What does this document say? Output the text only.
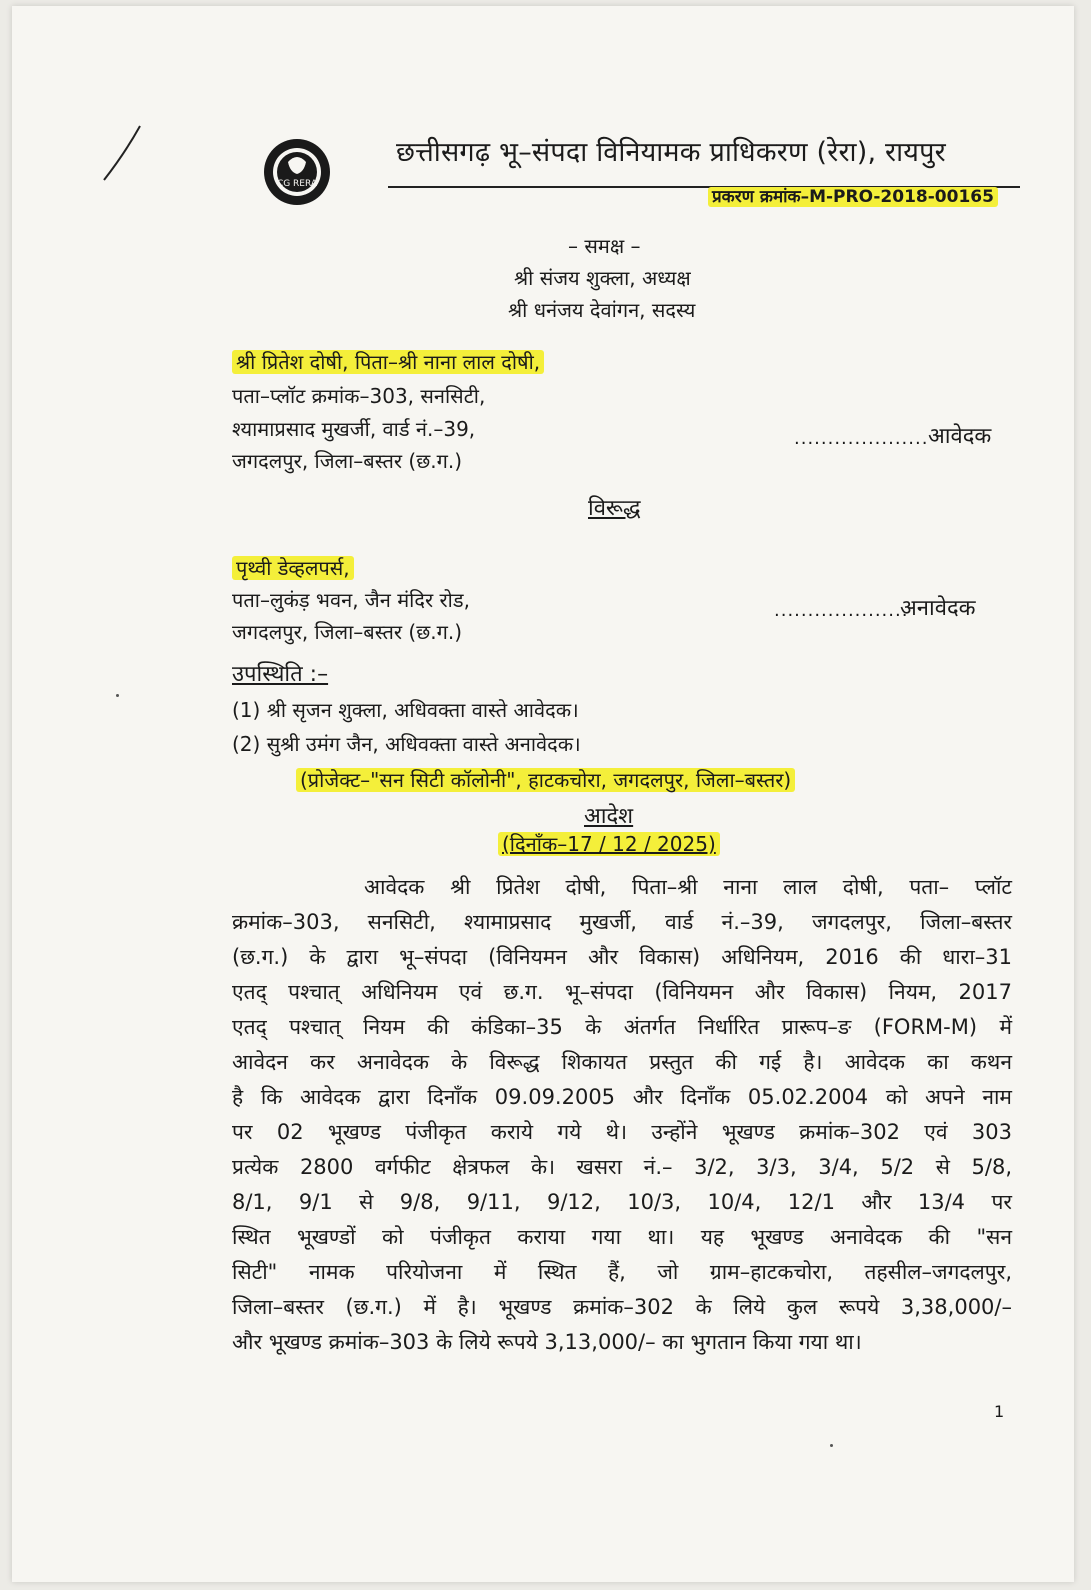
CG RERA
छत्तीसगढ़ भू–संपदा विनियामक प्राधिकरण (रेरा), रायपुर
प्रकरण क्रमांक–M-PRO-2018-00165
– समक्ष –
श्री संजय शुक्ला, अध्यक्ष
श्री धनंजय देवांगन, सदस्य
श्री प्रितेश दोषी, पिता–श्री नाना लाल दोषी,
पता–प्लॉट क्रमांक–303, सनसिटी,
श्यामाप्रसाद मुखर्जी, वार्ड नं.–39,
जगदलपुर, जिला–बस्तर (छ.ग.)
.................... आवेदक
विरूद्ध
पृथ्वी डेव्हलपर्स,
पता–लुकंड़ भवन, जैन मंदिर रोड,
जगदलपुर, जिला–बस्तर (छ.ग.)
....................
अनावेदक
उपस्थिति :–
(1) श्री सृजन शुक्ला, अधिवक्ता वास्ते आवेदक।
(2) सुश्री उमंग जैन, अधिवक्ता वास्ते अनावेदक।
(प्रोजेक्ट–"सन सिटी कॉलोनी", हाटकचोरा, जगदलपुर, जिला–बस्तर)
आदेश
(दिनाँक–17 / 12 / 2025)
आवेदक श्री प्रितेश दोषी, पिता–श्री नाना लाल दोषी, पता– प्लॉट
क्रमांक–303, सनसिटी, श्यामाप्रसाद मुखर्जी, वार्ड नं.–39, जगदलपुर, जिला–बस्तर
(छ.ग.) के द्वारा भू–संपदा (विनियमन और विकास) अधिनियम, 2016 की धारा–31
एतद् पश्चात् अधिनियम एवं छ.ग. भू–संपदा (विनियमन और विकास) नियम, 2017
एतद् पश्चात् नियम की कंडिका–35 के अंतर्गत निर्धारित प्रारूप–ङ (FORM-M) में
आवेदन कर अनावेदक के विरूद्ध शिकायत प्रस्तुत की गई है। आवेदक का कथन
है कि आवेदक द्वारा दिनाँक 09.09.2005 और दिनाँक 05.02.2004 को अपने नाम
पर 02 भूखण्ड पंजीकृत कराये गये थे। उन्होंने भूखण्ड क्रमांक–302 एवं 303
प्रत्येक 2800 वर्गफीट क्षेत्रफल के। खसरा नं.– 3/2, 3/3, 3/4, 5/2 से 5/8,
8/1, 9/1 से 9/8, 9/11, 9/12, 10/3, 10/4, 12/1 और 13/4 पर
स्थित भूखण्डों को पंजीकृत कराया गया था। यह भूखण्ड अनावेदक की "सन
सिटी" नामक परियोजना में स्थित हैं, जो ग्राम–हाटकचोरा, तहसील–जगदलपुर,
जिला–बस्तर (छ.ग.) में है। भूखण्ड क्रमांक–302 के लिये कुल रूपये 3,38,000/–
और भूखण्ड क्रमांक–303 के लिये रूपये 3,13,000/– का भुगतान किया गया था।
1
